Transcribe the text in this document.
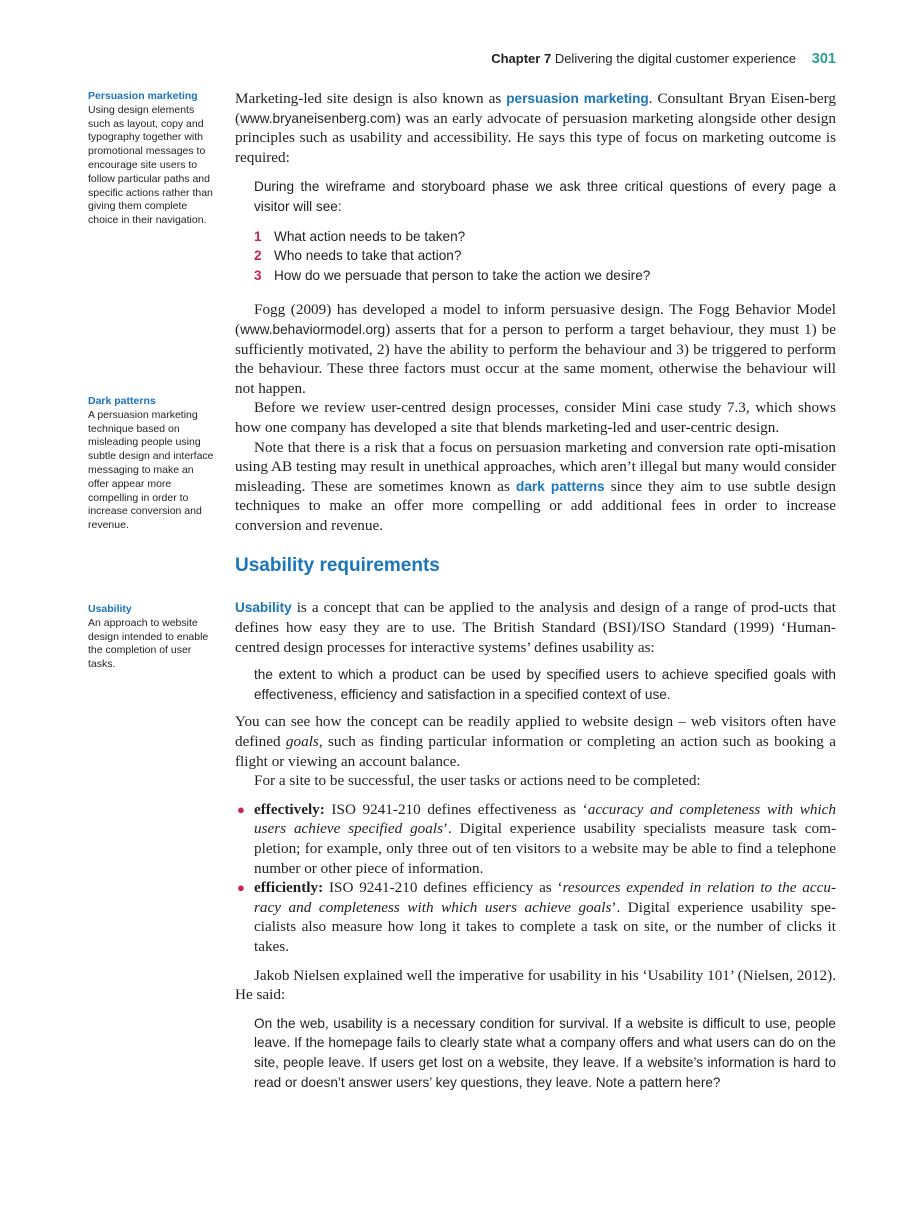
Chapter 7 Delivering the digital customer experience 301
Persuasion marketing
Using design elements such as layout, copy and typography together with promotional messages to encourage site users to follow particular paths and specific actions rather than giving them complete choice in their navigation.
Dark patterns
A persuasion marketing technique based on misleading people using subtle design and interface messaging to make an offer appear more compelling in order to increase conversion and revenue.
Usability
An approach to website design intended to enable the completion of user tasks.

Marketing-led site design is also known as persuasion marketing. Consultant Bryan Eisen-berg (www.bryaneisenberg.com) was an early advocate of persuasion marketing alongside other design principles such as usability and accessibility. He says this type of focus on marketing outcome is required:

During the wireframe and storyboard phase we ask three critical questions of every page a visitor will see:

1 What action needs to be taken?
2 Who needs to take that action?
3 How do we persuade that person to take the action we desire?

Fogg (2009) has developed a model to inform persuasive design. The Fogg Behavior Model (www.behaviormodel.org) asserts that for a person to perform a target behaviour, they must 1) be sufficiently motivated, 2) have the ability to perform the behaviour and 3) be triggered to perform the behaviour. These three factors must occur at the same moment, otherwise the behaviour will not happen.

Before we review user-centred design processes, consider Mini case study 7.3, which shows how one company has developed a site that blends marketing-led and user-centric design.

Note that there is a risk that a focus on persuasion marketing and conversion rate opti-misation using AB testing may result in unethical approaches, which aren’t illegal but many would consider misleading. These are sometimes known as dark patterns since they aim to use subtle design techniques to make an offer more compelling or add additional fees in order to increase conversion and revenue.

Usability requirements

Usability is a concept that can be applied to the analysis and design of a range of prod-ucts that defines how easy they are to use. The British Standard (BSI)/ISO Standard (1999) ‘Human-centred design processes for interactive systems’ defines usability as:

the extent to which a product can be used by specified users to achieve specified goals with effectiveness, efficiency and satisfaction in a specified context of use.

You can see how the concept can be readily applied to website design – web visitors often have defined goals, such as finding particular information or completing an action such as booking a flight or viewing an account balance.

For a site to be successful, the user tasks or actions need to be completed:

● effectively: ISO 9241-210 defines effectiveness as ‘accuracy and completeness with which users achieve specified goals’. Digital experience usability specialists measure task com-pletion; for example, only three out of ten visitors to a website may be able to find a telephone number or other piece of information.
● efficiently: ISO 9241-210 defines efficiency as ‘resources expended in relation to the accu-racy and completeness with which users achieve goals’. Digital experience usability spe-cialists also measure how long it takes to complete a task on site, or the number of clicks it takes.

Jakob Nielsen explained well the imperative for usability in his ‘Usability 101’ (Nielsen, 2012). He said:

On the web, usability is a necessary condition for survival. If a website is difficult to use, people leave. If the homepage fails to clearly state what a company offers and what users can do on the site, people leave. If users get lost on a website, they leave. If a website’s information is hard to read or doesn’t answer users’ key questions, they leave. Note a pattern here?
